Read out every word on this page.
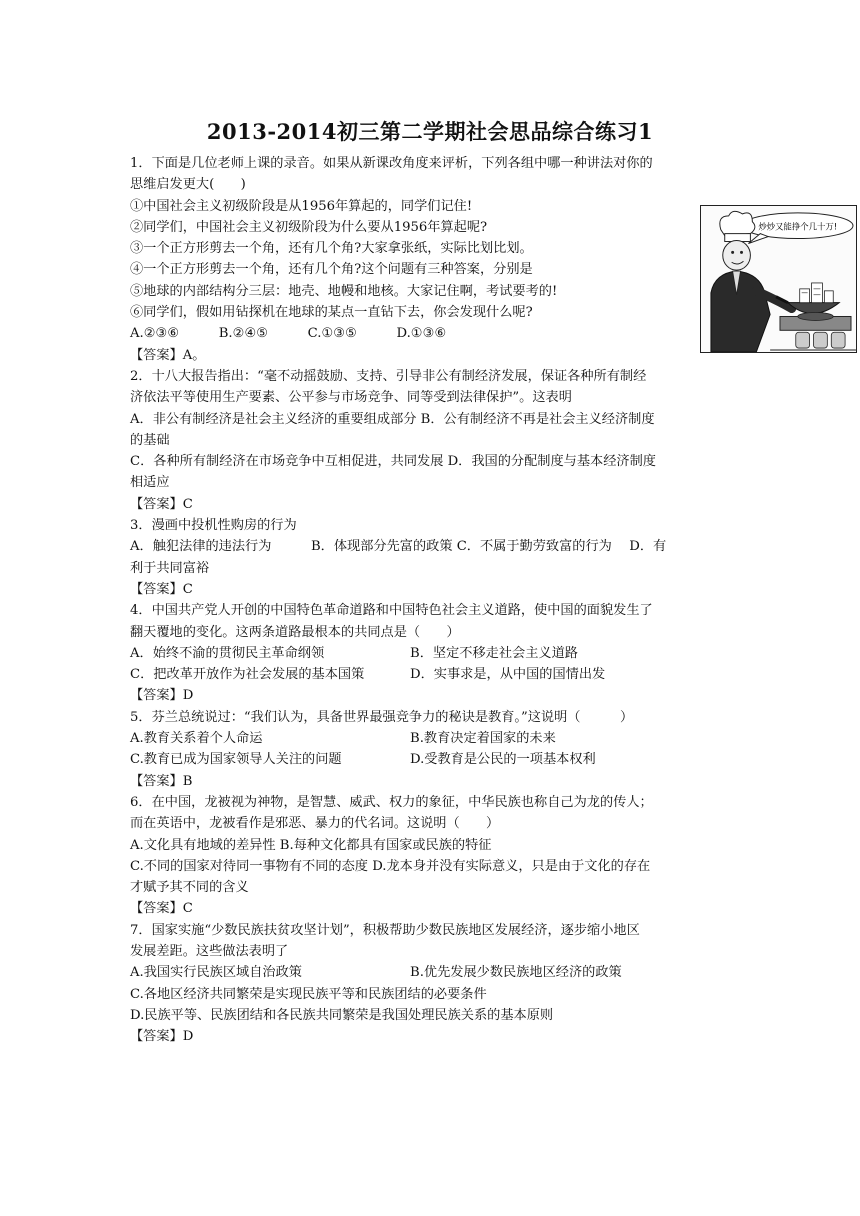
2013-2014初三第二学期社会思品综合练习1
炒炒又能挣个几十万!
1．下面是几位老师上课的录音。如果从新课改角度来评析，下列各组中哪一种讲法对你的
思维启发更大(　　)
①中国社会主义初级阶段是从1956年算起的，同学们记住!
②同学们，中国社会主义初级阶段为什么要从1956年算起呢?
③一个正方形剪去一个角，还有几个角?大家拿张纸，实际比划比划。
④一个正方形剪去一个角，还有几个角?这个问题有三种答案，分别是
⑤地球的内部结构分三层：地壳、地幔和地核。大家记住啊，考试要考的!
⑥同学们，假如用钻探机在地球的某点一直钻下去，你会发现什么呢?
A.②③⑥　　　B.②④⑤　　　C.①③⑤　　　D.①③⑥
【答案】A。
2．十八大报告指出：“毫不动摇鼓励、支持、引导非公有制经济发展，保证各种所有制经
济依法平等使用生产要素、公平参与市场竞争、同等受到法律保护”。这表明
A．非公有制经济是社会主义经济的重要组成部分 B．公有制经济不再是社会主义经济制度
的基础
C．各种所有制经济在市场竞争中互相促进，共同发展 D．我国的分配制度与基本经济制度
相适应
【答案】C
3．漫画中投机性购房的行为
A．触犯法律的违法行为　　　B．体现部分先富的政策 C．不属于勤劳致富的行为　 D．有
利于共同富裕
【答案】C
4．中国共产党人开创的中国特色革命道路和中国特色社会主义道路，使中国的面貌发生了
翻天覆地的变化。这两条道路最根本的共同点是（　　）
A．始终不渝的贯彻民主革命纲领	B．坚定不移走社会主义道路
C．把改革开放作为社会发展的基本国策	D．实事求是，从中国的国情出发
【答案】D
5．芬兰总统说过：“我们认为，具备世界最强竞争力的秘诀是教育。”这说明（　　　）
A.教育关系着个人命运	B.教育决定着国家的未来
C.教育已成为国家领导人关注的问题	D.受教育是公民的一项基本权利
【答案】B
6．在中国，龙被视为神物，是智慧、威武、权力的象征，中华民族也称自己为龙的传人；
而在英语中，龙被看作是邪恶、暴力的代名词。这说明（　　）
A.文化具有地域的差异性 B.每种文化都具有国家或民族的特征
C.不同的国家对待同一事物有不同的态度 D.龙本身并没有实际意义，只是由于文化的存在
才赋予其不同的含义
【答案】C
7．国家实施“少数民族扶贫攻坚计划”，积极帮助少数民族地区发展经济，逐步缩小地区
发展差距。这些做法表明了
A.我国实行民族区域自治政策	B.优先发展少数民族地区经济的政策
C.各地区经济共同繁荣是实现民族平等和民族团结的必要条件
D.民族平等、民族团结和各民族共同繁荣是我国处理民族关系的基本原则
【答案】D
